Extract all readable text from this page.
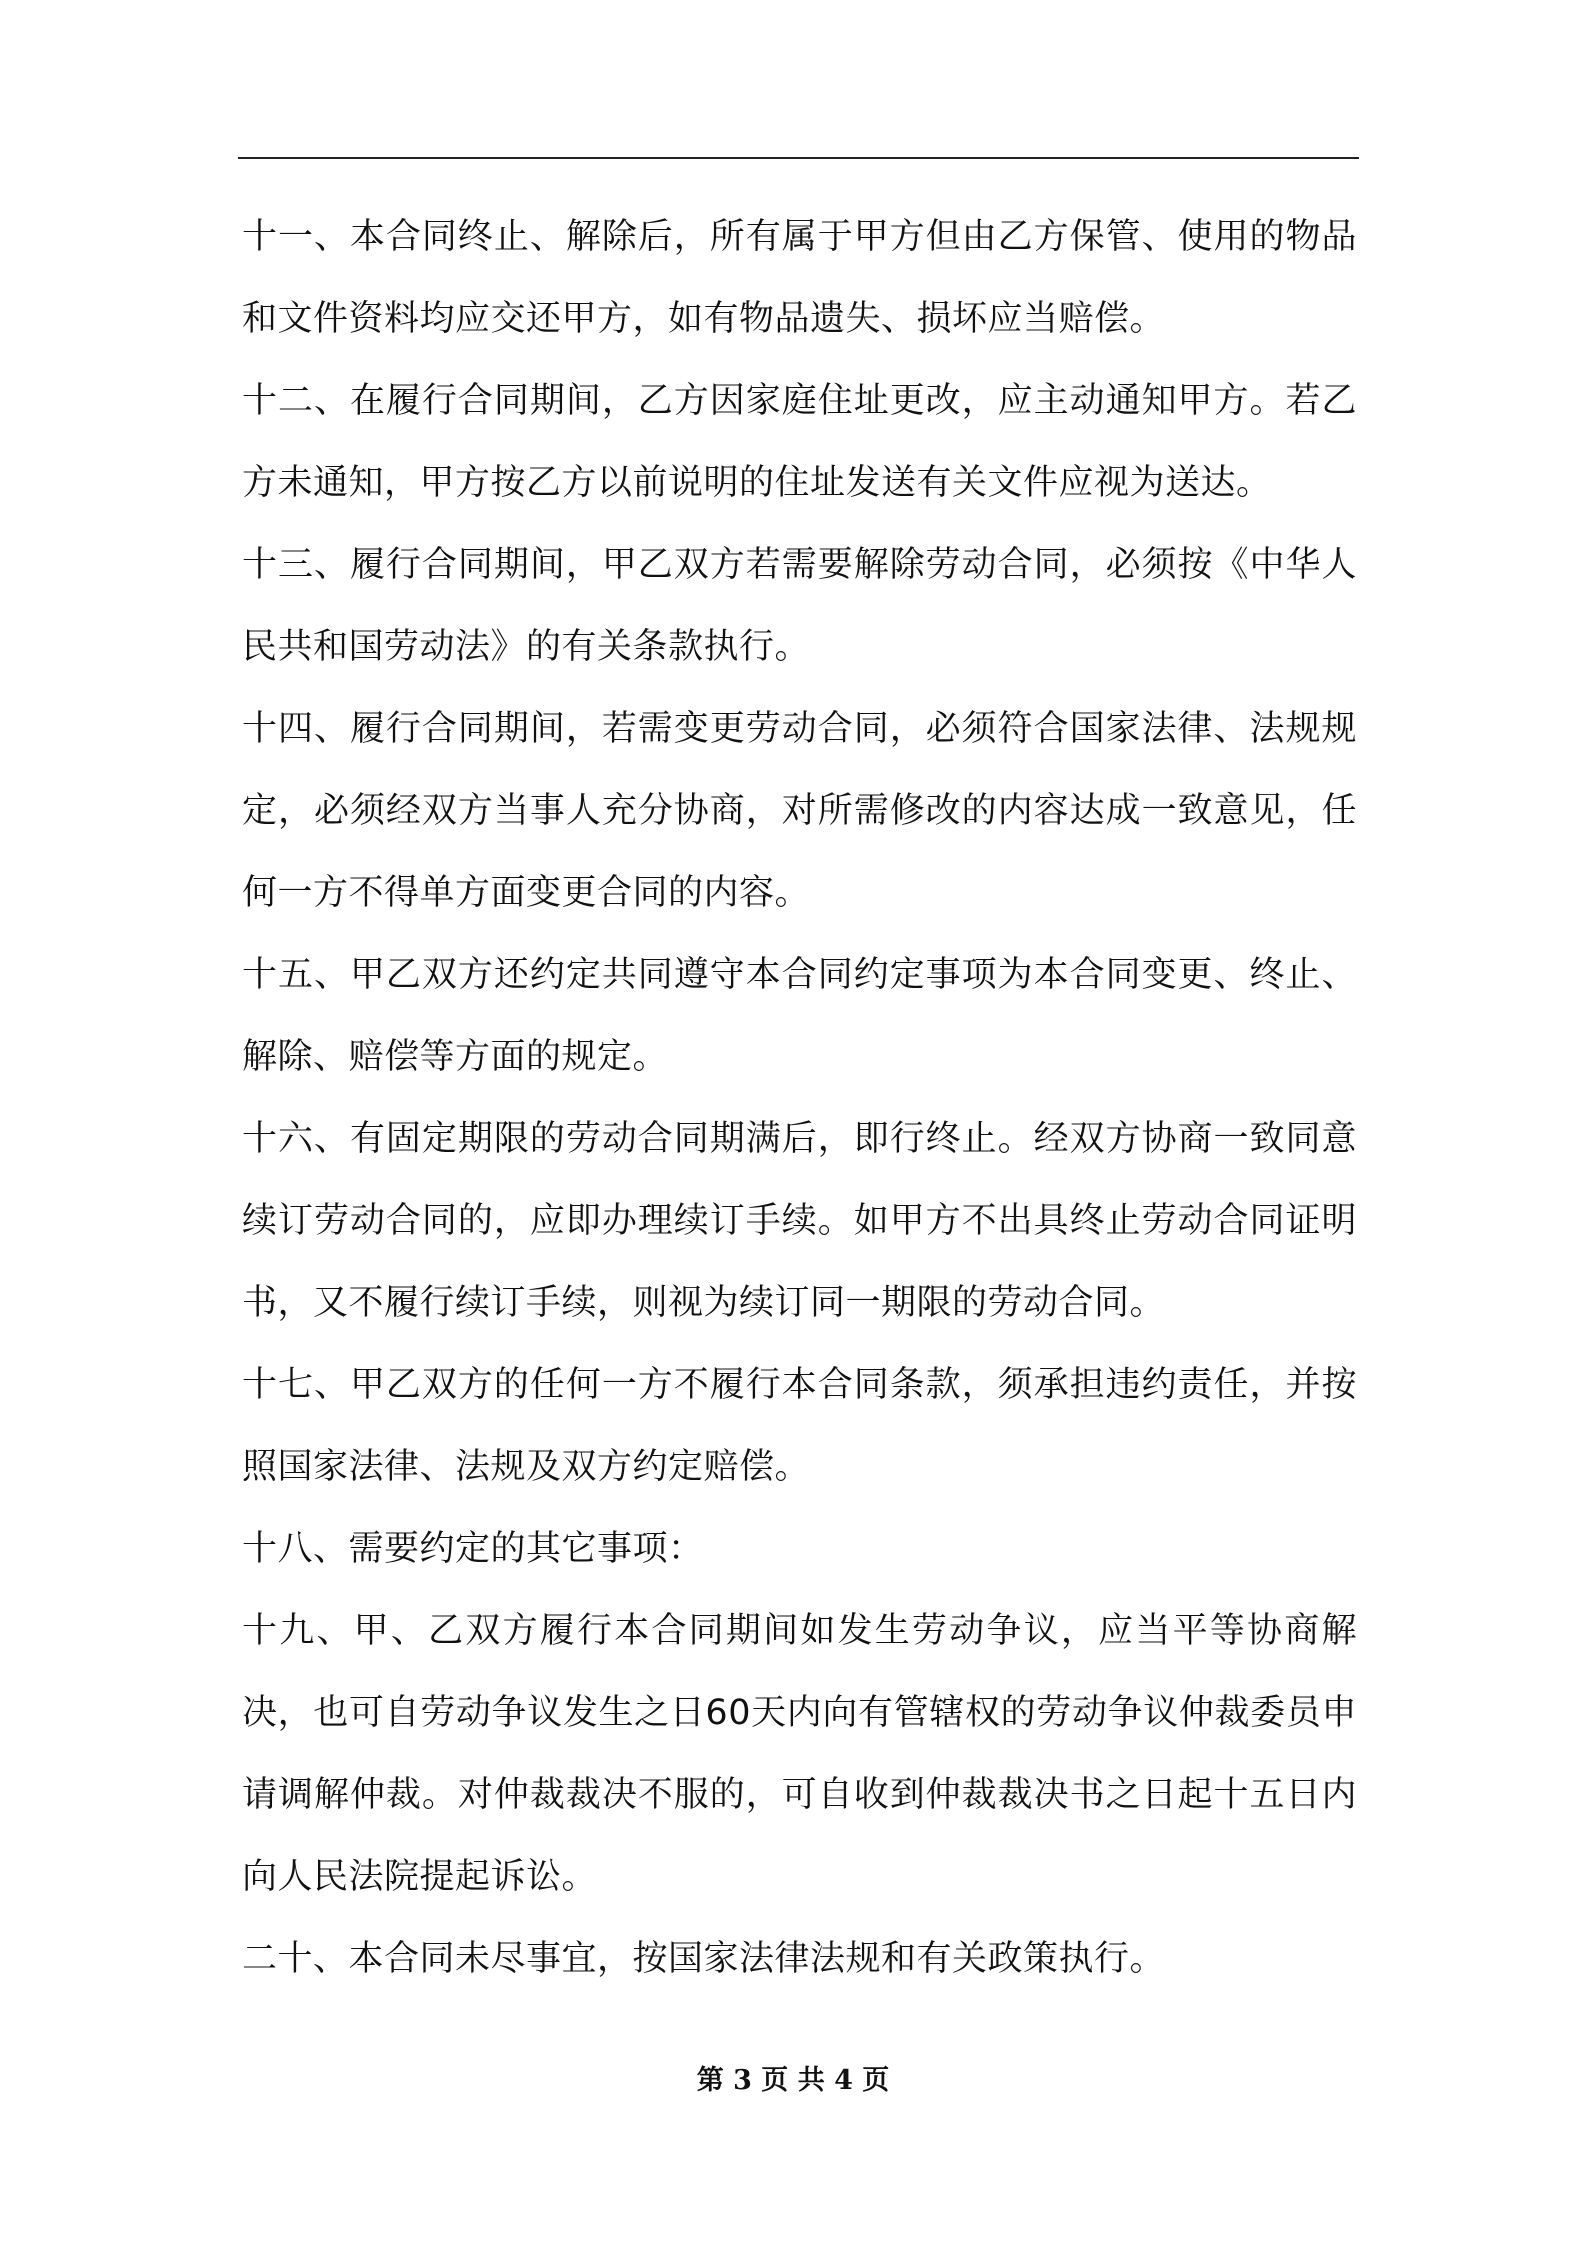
十一、本合同终止、解除后，所有属于甲方但由乙方保管、使用的物品和文件资料均应交还甲方，如有物品遗失、损坏应当赔偿。

十二、在履行合同期间，乙方因家庭住址更改，应主动通知甲方。若乙方未通知，甲方按乙方以前说明的住址发送有关文件应视为送达。

十三、履行合同期间，甲乙双方若需要解除劳动合同，必须按《中华人民共和国劳动法》的有关条款执行。

十四、履行合同期间，若需变更劳动合同，必须符合国家法律、法规规定，必须经双方当事人充分协商，对所需修改的内容达成一致意见，任何一方不得单方面变更合同的内容。

十五、甲乙双方还约定共同遵守本合同约定事项为本合同变更、终止、解除、赔偿等方面的规定。

十六、有固定期限的劳动合同期满后，即行终止。经双方协商一致同意续订劳动合同的，应即办理续订手续。如甲方不出具终止劳动合同证明书，又不履行续订手续，则视为续订同一期限的劳动合同。

十七、甲乙双方的任何一方不履行本合同条款，须承担违约责任，并按照国家法律、法规及双方约定赔偿。

十八、需要约定的其它事项：

十九、甲、乙双方履行本合同期间如发生劳动争议，应当平等协商解决，也可自劳动争议发生之日60天内向有管辖权的劳动争议仲裁委员申请调解仲裁。对仲裁裁决不服的，可自收到仲裁裁决书之日起十五日内向人民法院提起诉讼。

二十、本合同未尽事宜，按国家法律法规和有关政策执行。

第 3 页 共 4 页
